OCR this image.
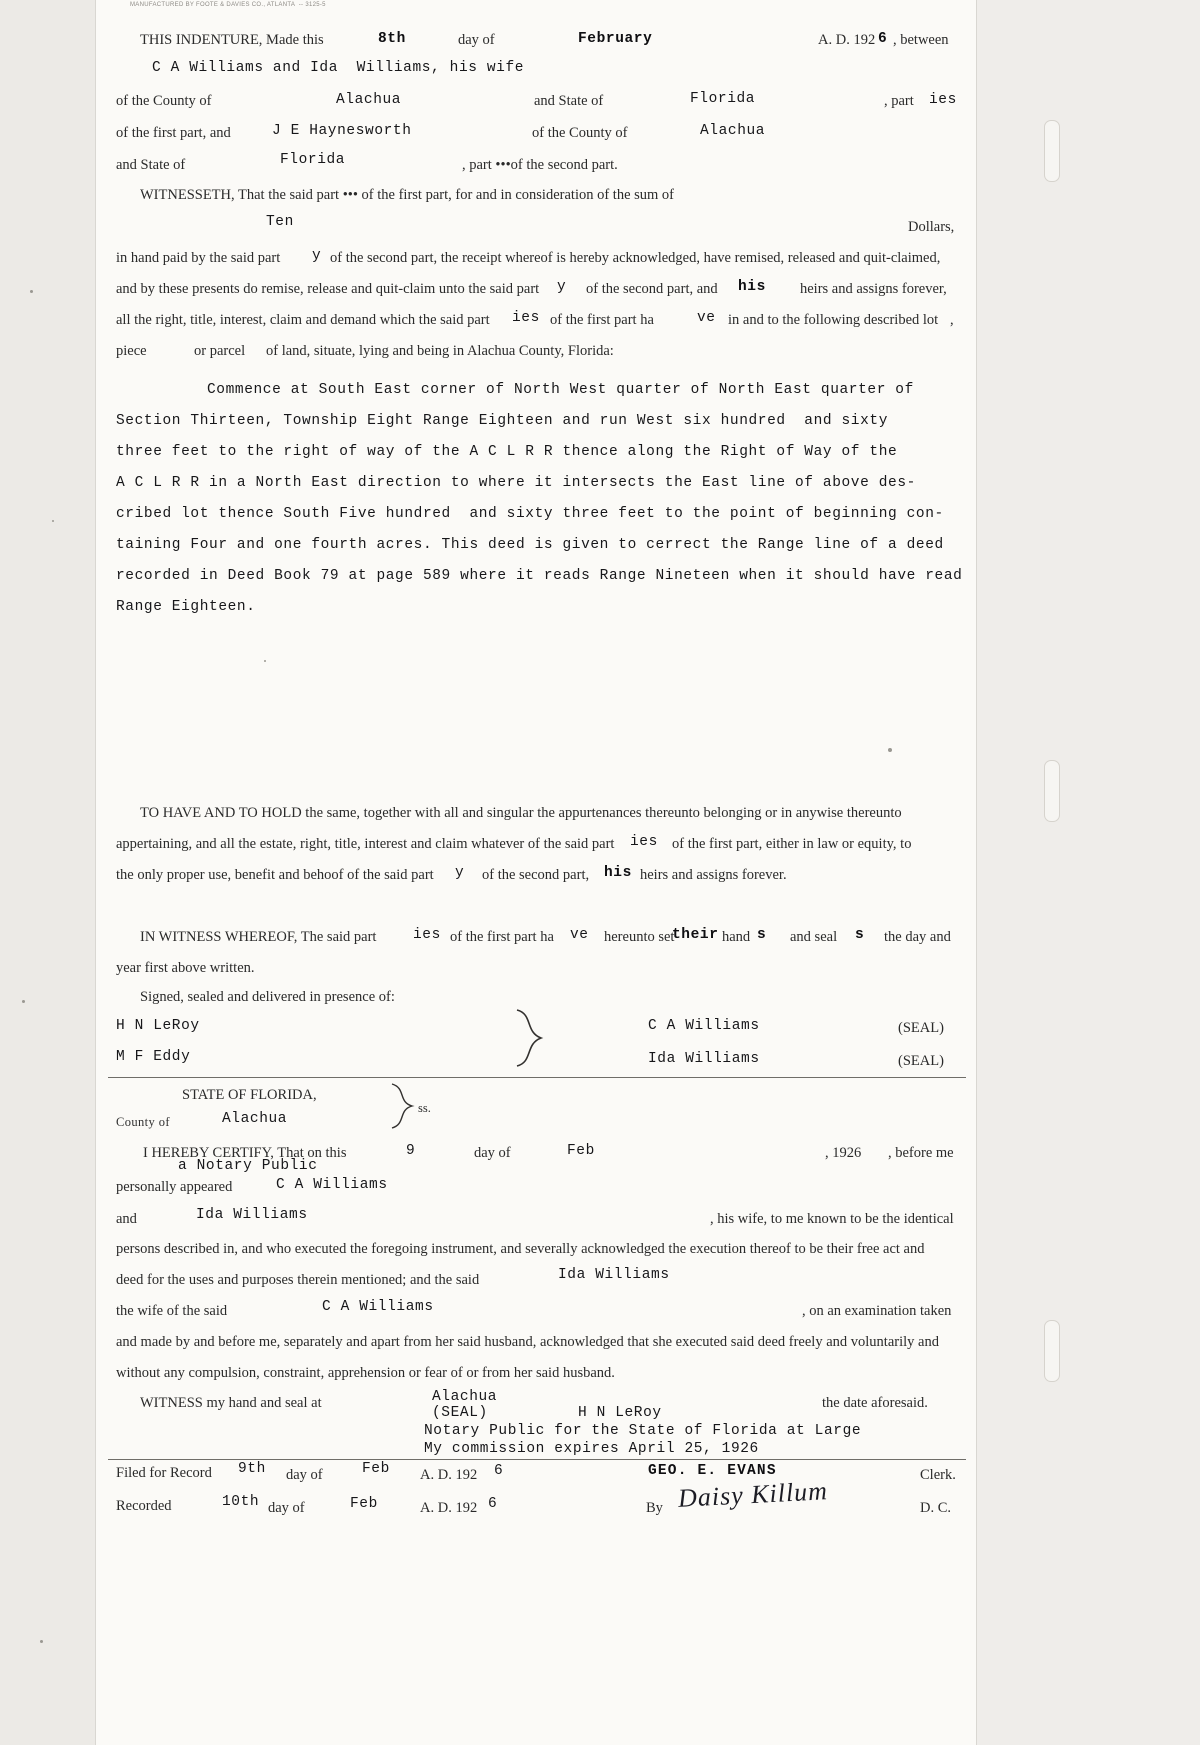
MANUFACTURED BY FOOTE & DAVIES CO., ATLANTA  -- 3125-5
THIS INDENTURE, Made this	8th	day of	February	A. D. 192 6 , between
C A Williams and Ida  Williams, his wife
of the County of	Alachua	and State of	Florida	, part ies
of the first part, and	J E Haynesworth	of the County of	Alachua
and State of	Florida	, part •••of the second part.
WITNESSETH, That the said part ••• of the first part, for and in consideration of the sum of
Ten	Dollars,
in hand paid by the said part y of the second part, the receipt whereof is hereby acknowledged, have remised, released and quit-claimed,
and by these presents do remise, release and quit-claim unto the said part y of the second part, and his heirs and assigns forever,
all the right, title, interest, claim and demand which the said part ies of the first part ha	ve in and to the following described lot ,
piece	or parcel of land, situate, lying and being in Alachua County, Florida:
Commence at South East corner of North West quarter of North East quarter of
Section Thirteen, Township Eight Range Eighteen and run West six hundred  and sixty
three feet to the right of way of the A C L R R thence along the Right of Way of the
A C L R R in a North East direction to where it intersects the East line of above des-
cribed lot thence South Five hundred  and sixty three feet to the point of beginning con-
taining Four and one fourth acres. This deed is given to cerrect the Range line of a deed
recorded in Deed Book 79 at page 589 where it reads Range Nineteen when it should have read
Range Eighteen.
TO HAVE AND TO HOLD the same, together with all and singular the appurtenances thereunto belonging or in anywise thereunto
appertaining, and all the estate, right, title, interest and claim whatever of the said part ies of the first part, either in law or equity, to
the only proper use, benefit and behoof of the said part y of the second part, his heirs and assigns forever.
IN WITNESS WHEREOF, The said part	ies of the first part ha ve hereunto set
their hand s and seal s the day and
year first above written.
Signed, sealed and delivered in presence of:
H N LeRoy
M F Eddy
C A Williams	(SEAL)
Ida Williams	(SEAL)
STATE OF FLORIDA,
ss.
County of	Alachua
I HEREBY CERTIFY, That on this	9	day of	Feb	, 1926 , before me
a Notary Public
personally appeared	C A Williams
and	Ida Williams	, his wife, to me known to be the identical
persons described in, and who executed the foregoing instrument, and severally acknowledged the execution thereof to be their free act and
deed for the uses and purposes therein mentioned; and the said	Ida Williams
the wife of the said	C A Williams	, on an examination taken
and made by and before me, separately and apart from her said husband, acknowledged that she executed said deed freely and voluntarily and
without any compulsion, constraint, apprehension or fear of or from her said husband.
WITNESS my hand and seal at	Alachua	the date aforesaid.
(SEAL)	H N LeRoy
Notary Public for the State of Florida at Large
My commission expires April 25, 1926
Filed for Record 9th day of	Feb A. D. 192 6	GEO. E. EVANS	Clerk.
Recorded	10th day of	Feb	A. D. 192 6	By Daisy Killum	D. C.
